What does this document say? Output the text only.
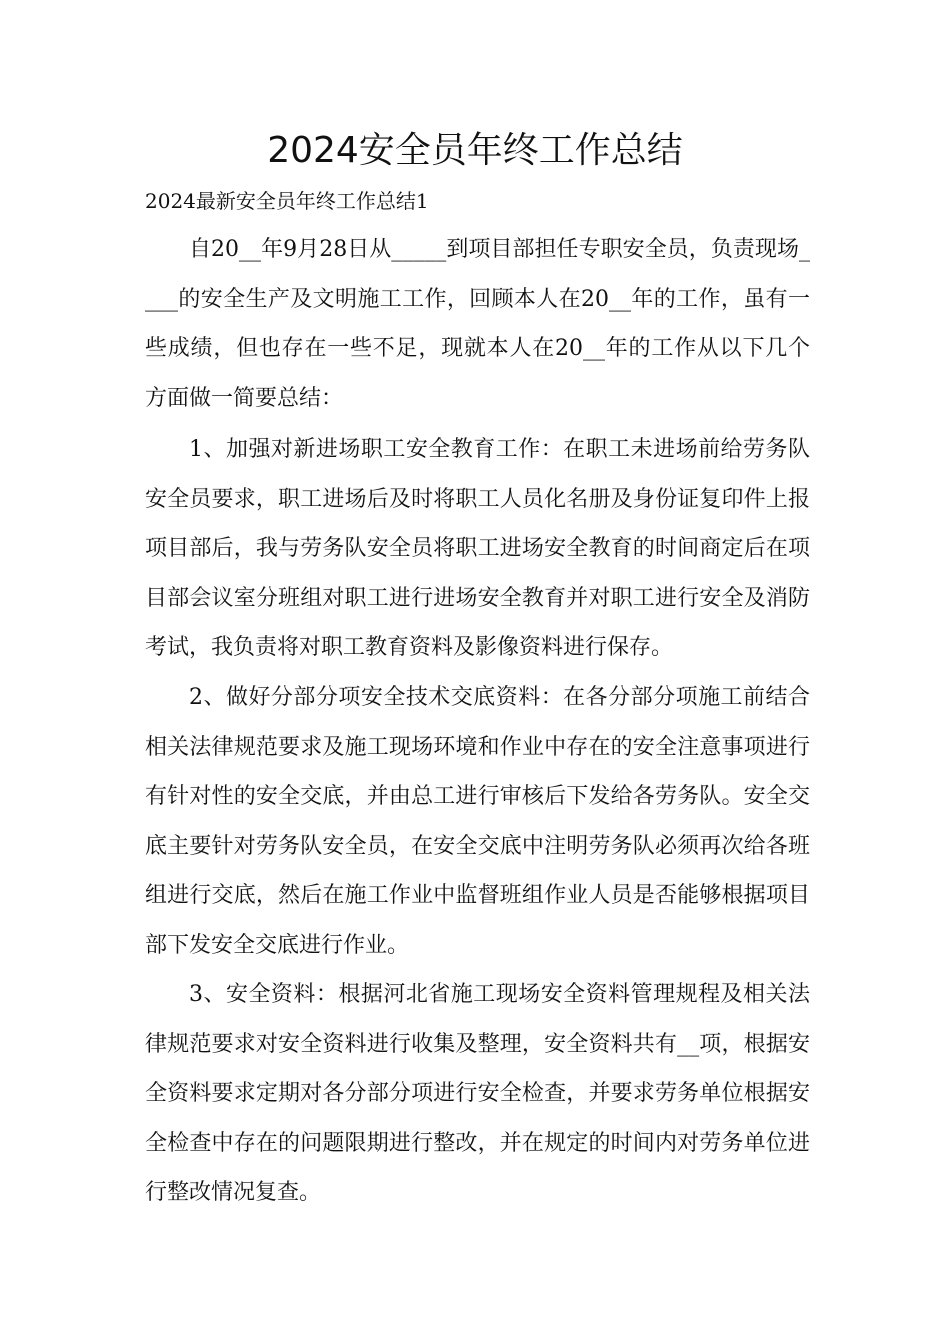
2024安全员年终工作总结

2024最新安全员年终工作总结1

自20__年9月28日从_____到项目部担任专职安全员，负责现场____的安全生产及文明施工工作，回顾本人在20__年的工作，虽有一些成绩，但也存在一些不足，现就本人在20__年的工作从以下几个方面做一简要总结：

1、加强对新进场职工安全教育工作：在职工未进场前给劳务队安全员要求，职工进场后及时将职工人员化名册及身份证复印件上报项目部后，我与劳务队安全员将职工进场安全教育的时间商定后在项目部会议室分班组对职工进行进场安全教育并对职工进行安全及消防考试，我负责将对职工教育资料及影像资料进行保存。

2、做好分部分项安全技术交底资料：在各分部分项施工前结合相关法律规范要求及施工现场环境和作业中存在的安全注意事项进行有针对性的安全交底，并由总工进行审核后下发给各劳务队。安全交底主要针对劳务队安全员，在安全交底中注明劳务队必须再次给各班组进行交底，然后在施工作业中监督班组作业人员是否能够根据项目部下发安全交底进行作业。

3、安全资料：根据河北省施工现场安全资料管理规程及相关法律规范要求对安全资料进行收集及整理，安全资料共有__项，根据安全资料要求定期对各分部分项进行安全检查，并要求劳务单位根据安全检查中存在的问题限期进行整改，并在规定的时间内对劳务单位进行整改情况复查。
